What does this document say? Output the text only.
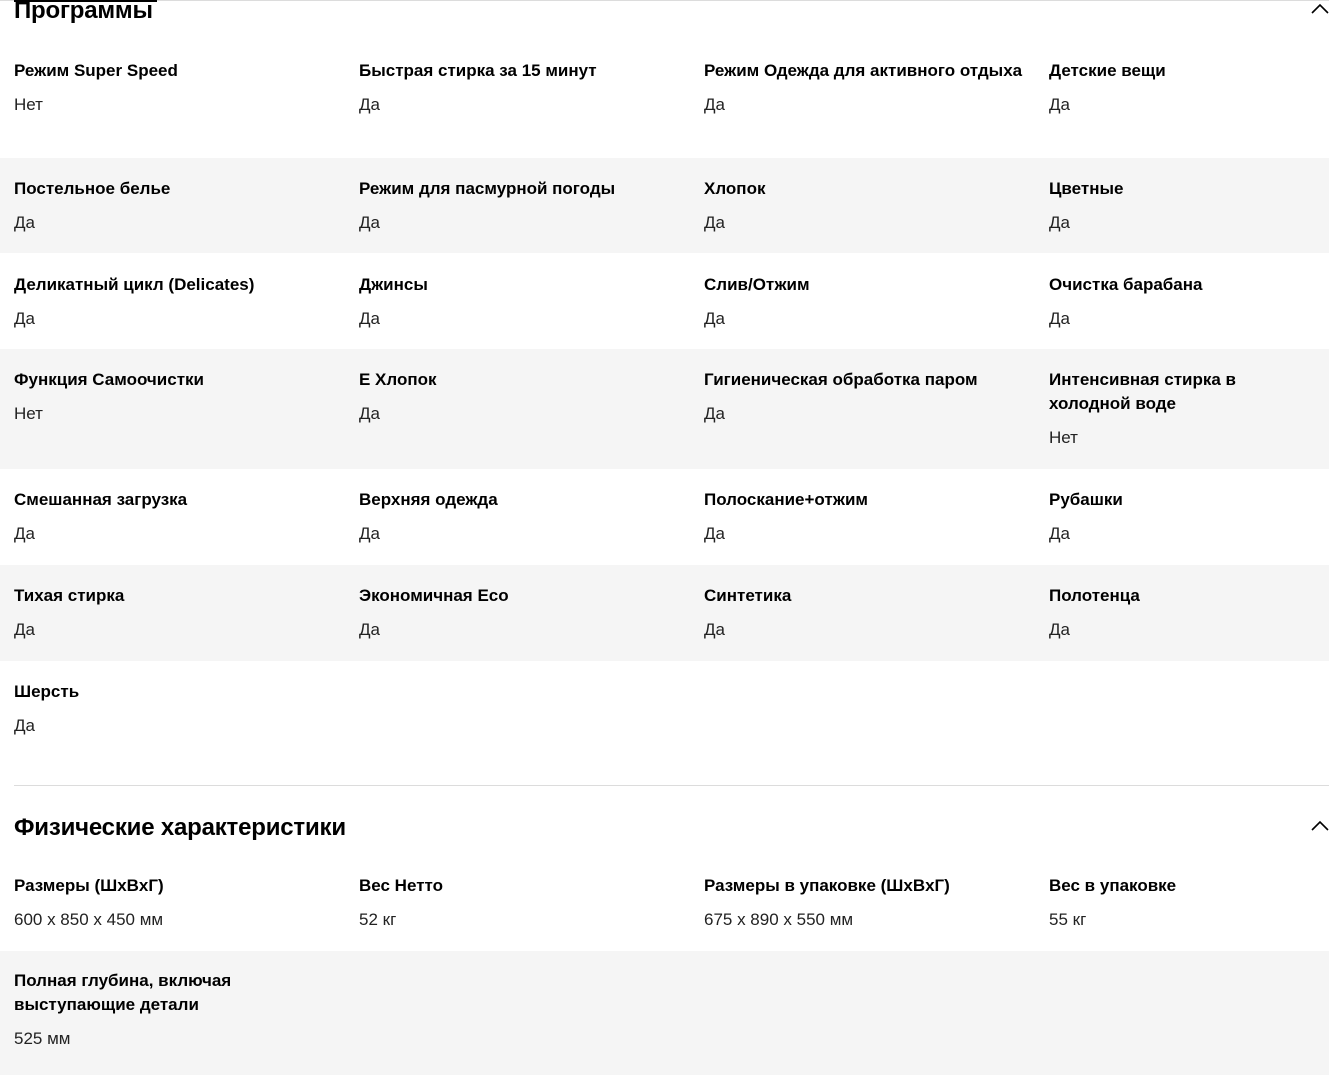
Программы
Режим Super Speed
Нет
Быстрая стирка за 15 минут
Да
Режим Одежда для активного отдыха
Да
Детские вещи
Да
Постельное белье
Да
Режим для пасмурной погоды
Да
Хлопок
Да
Цветные
Да
Деликатный цикл (Delicates)
Да
Джинсы
Да
Слив/Отжим
Да
Очистка барабана
Да
Функция Самоочистки
Нет
Е Хлопок
Да
Гигиеническая обработка паром
Да
Интенсивная стирка в холодной воде
Нет
Смешанная загрузка
Да
Верхняя одежда
Да
Полоскание+отжим
Да
Рубашки
Да
Тихая стирка
Да
Экономичная Eco
Да
Синтетика
Да
Полотенца
Да
Шерсть
Да
Физические характеристики
Размеры (ШxВxГ)
600 x 850 x 450 мм
Вес Нетто
52 кг
Размеры в упаковке (ШxВxГ)
675 x 890 x 550 мм
Вес в упаковке
55 кг
Полная глубина, включая выступающие детали
525 мм
